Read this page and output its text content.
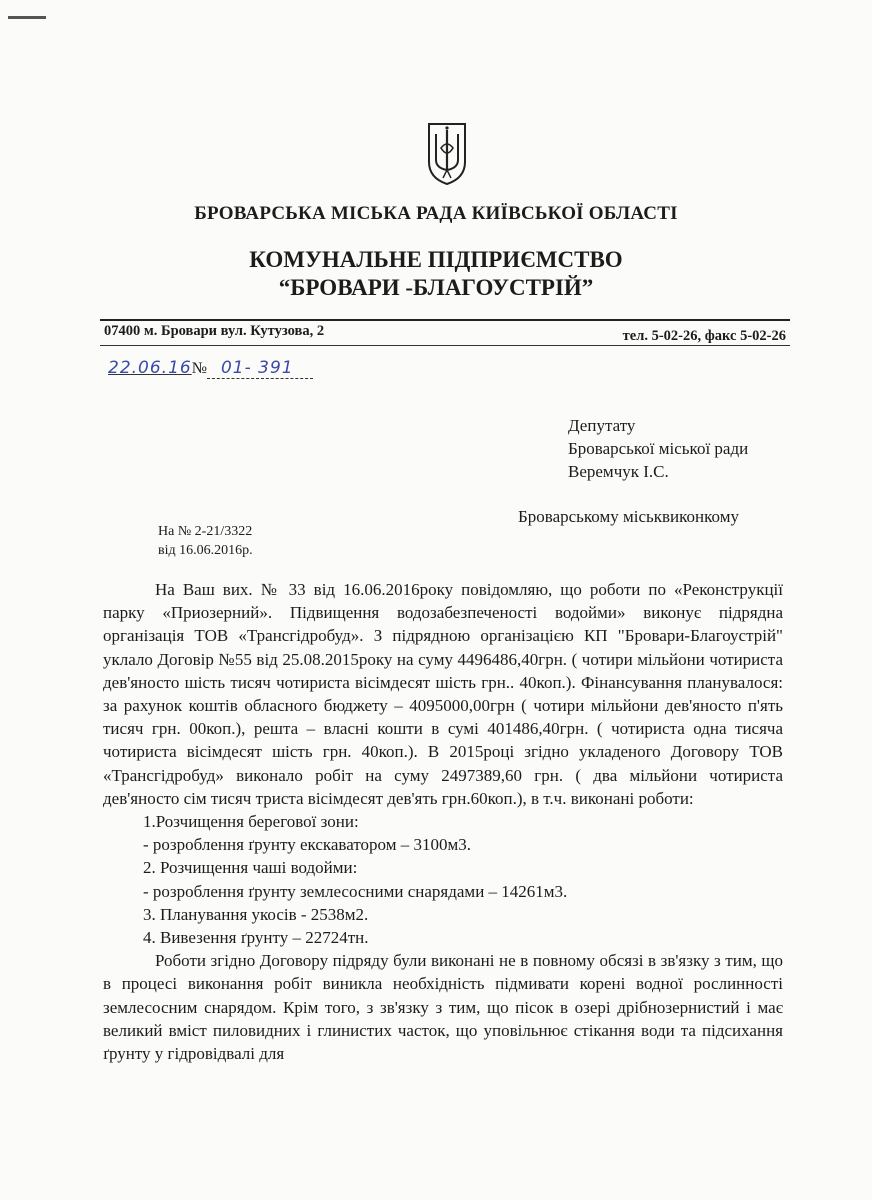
БРОВАРСЬКА МІСЬКА РАДА КИЇВСЬКОЇ ОБЛАСТІ
КОМУНАЛЬНЕ ПІДПРИЄМСТВО
“БРОВАРИ -БЛАГОУСТРІЙ”
07400 м. Бровари вул. Кутузова, 2	тел. 5-02-26, факс 5-02-26
22.06.16№ 01- 391
Депутату
Броварської міської ради
Веремчук І.С.
Броварському міськвиконкому
На № 2-21/3322
від 16.06.2016р.

На Ваш вих. № 33 від 16.06.2016року повідомляю, що роботи по «Реконструкції парку «Приозерний». Підвищення водозабезпеченості водойми» виконує підрядна організація ТОВ «Трансгідробуд». З підрядною організацією КП "Бровари-Благоустрій" уклало Договір №55 від 25.08.2015року на суму 4496486,40грн. ( чотири мільйони чотириста дев'яносто шість тисяч чотириста вісімдесят шість грн.. 40коп.). Фінансування планувалося: за рахунок коштів обласного бюджету – 4095000,00грн ( чотири мільйони дев'яносто п'ять тисяч грн. 00коп.), решта – власні кошти в сумі 401486,40грн. ( чотириста одна тисяча чотириста вісімдесят шість грн. 40коп.). В 2015році згідно укладеного Договору ТОВ «Трансгідробуд» виконало робіт на суму 2497389,60 грн. ( два мільйони чотириста дев'яносто сім тисяч триста вісімдесят дев'ять грн.60коп.), в т.ч. виконані роботи:

1.Розчищення берегової зони:

- розроблення ґрунту екскаватором – 3100м3.

2. Розчищення чаші водойми:

- розроблення ґрунту землесосними снарядами – 14261м3.

3. Планування укосів - 2538м2.

4. Вивезення ґрунту – 22724тн.

Роботи згідно Договору підряду були виконані не в повному обсязі в зв'язку з тим, що в процесі виконання робіт виникла необхідність підмивати корені водної рослинності землесосним снарядом. Крім того, з зв'язку з тим, що пісок в озері дрібнозернистий і має великий вміст пиловидних і глинистих часток, що уповільнює стікання води та підсихання ґрунту у гідровідвалі для
